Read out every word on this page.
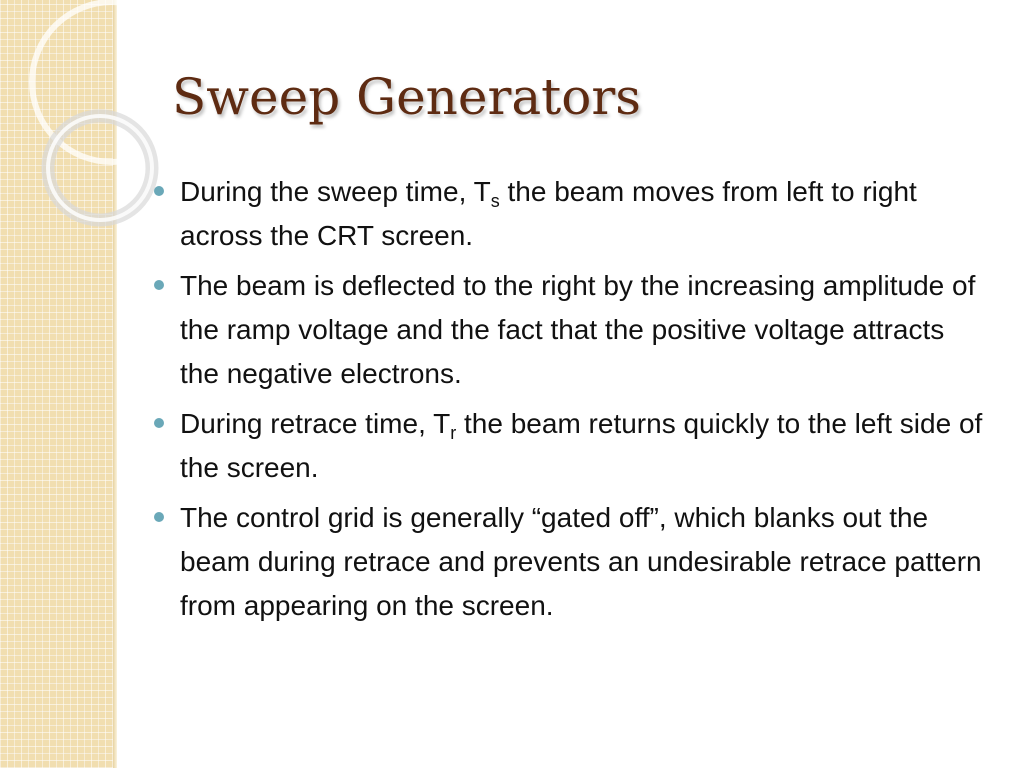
Sweep Generators
During the sweep time, $T_s$ the beam moves from left to right across the CRT screen.
The beam is deflected to the right by the increasing amplitude of the ramp voltage and the fact that the positive voltage attracts the negative electrons.
During retrace time, $T_r$ the beam returns quickly to the left side of the screen.
The control grid is generally “gated off”, which blanks out the beam during retrace and prevents an undesirable retrace pattern from appearing on the screen.
